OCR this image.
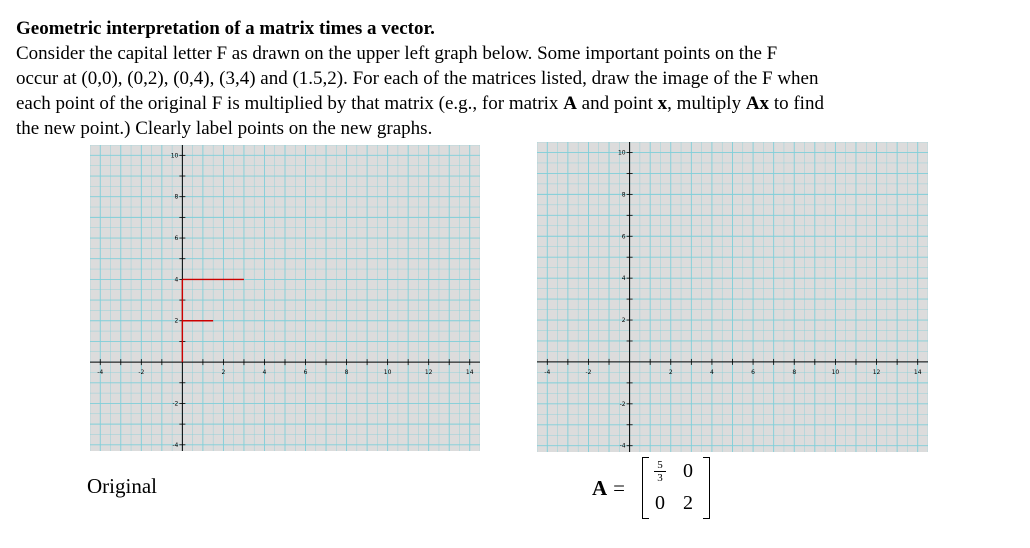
Geometric interpretation of a matrix times a vector.

Consider the capital letter F as drawn on the upper left graph below. Some important points on the F
occur at (0,0), (0,2), (0,4), (3,4) and (1.5,2). For each of the matrices listed, draw the image of the F when
each point of the original F is multiplied by that matrix (e.g., for matrix A and point x, multiply Ax to find
the new point.) Clearly label points on the new graphs.

-4	-2	2	4	6	8	10	12	14
10
8
6
4
2
-2
-4
-4	-2	2	4	6	8	10	12	14
10
8
6
4
2
-2
-4
Original	A =
$\frac{5}{3} 0$
0 2
